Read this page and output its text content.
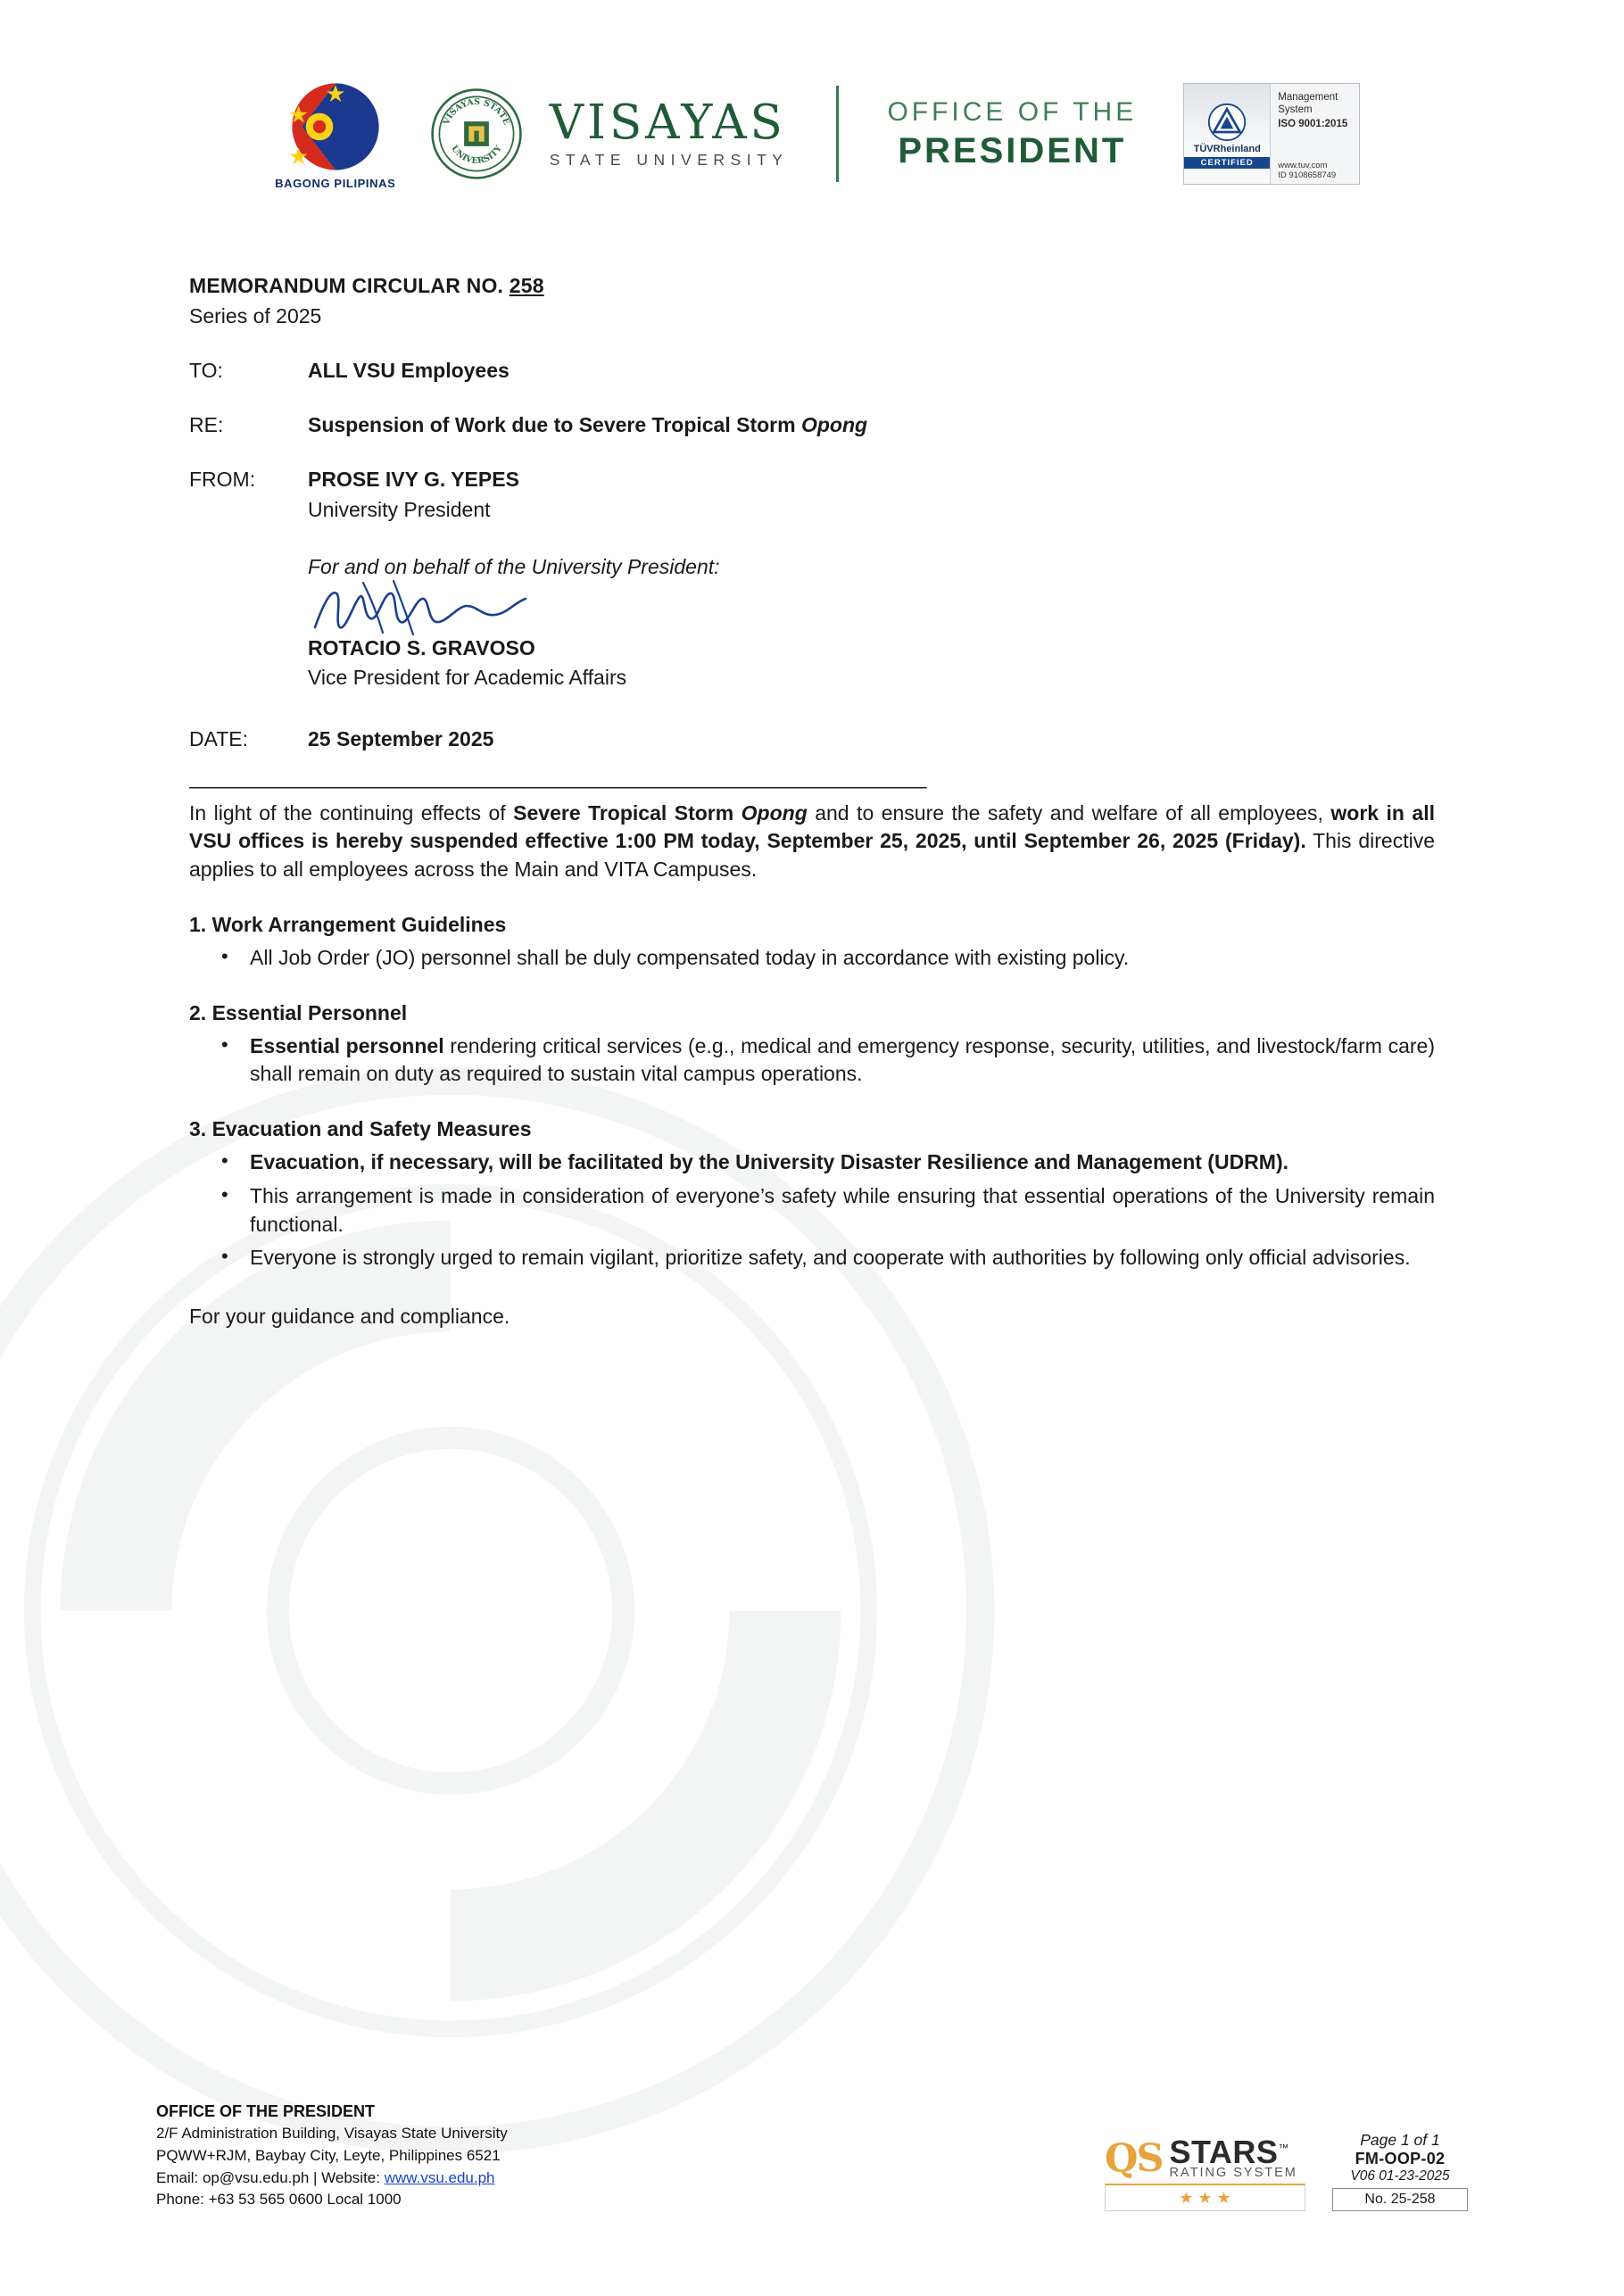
BAGONG PILIPINAS
VISAYAS STATE
UNIVERSITY VISAYAS
STATE UNIVERSITY
OFFICE OF THE
PRESIDENT	TÜVRheinland
CERTIFIED
Management System
ISO 9001:2015
www.tuv.com
ID 9108658749
MEMORANDUM CIRCULAR NO. 258
Series of 2025
TO:	ALL VSU Employees
RE:	Suspension of Work due to Severe Tropical Storm Opong
FROM:	PROSE IVY G. YEPES
University President
For and on behalf of the University President:
ROTACIO S. GRAVOSO
Vice President for Academic Affairs
DATE:	25 September 2025
______________________________________________________________________

In light of the continuing effects of Severe Tropical Storm Opong and to ensure the safety and welfare of all employees, work in all VSU offices is hereby suspended effective 1:00 PM today, September 25, 2025, until September 26, 2025 (Friday). This directive applies to all employees across the Main and VITA Campuses.

1. Work Arrangement Guidelines
• All Job Order (JO) personnel shall be duly compensated today in accordance with existing policy.
2. Essential Personnel
• Essential personnel rendering critical services (e.g., medical and emergency response, security, utilities, and livestock/farm care) shall remain on duty as required to sustain vital campus operations.
3. Evacuation and Safety Measures
• Evacuation, if necessary, will be facilitated by the University Disaster Resilience and Management (UDRM).
• This arrangement is made in consideration of everyone’s safety while ensuring that essential operations of the University remain functional.
• Everyone is strongly urged to remain vigilant, prioritize safety, and cooperate with authorities by following only official advisories.
For your guidance and compliance.
OFFICE OF THE PRESIDENT
2/F Administration Building, Visayas State University
PQWW+RJM, Baybay City, Leyte, Philippines 6521
Email: op@vsu.edu.ph | Website: www.vsu.edu.ph
Phone: +63 53 565 0600 Local 1000
QS STARS™
RATING SYSTEM
★ ★ ★
Page 1 of 1
FM-OOP-02
V06 01-23-2025
No. 25-258
